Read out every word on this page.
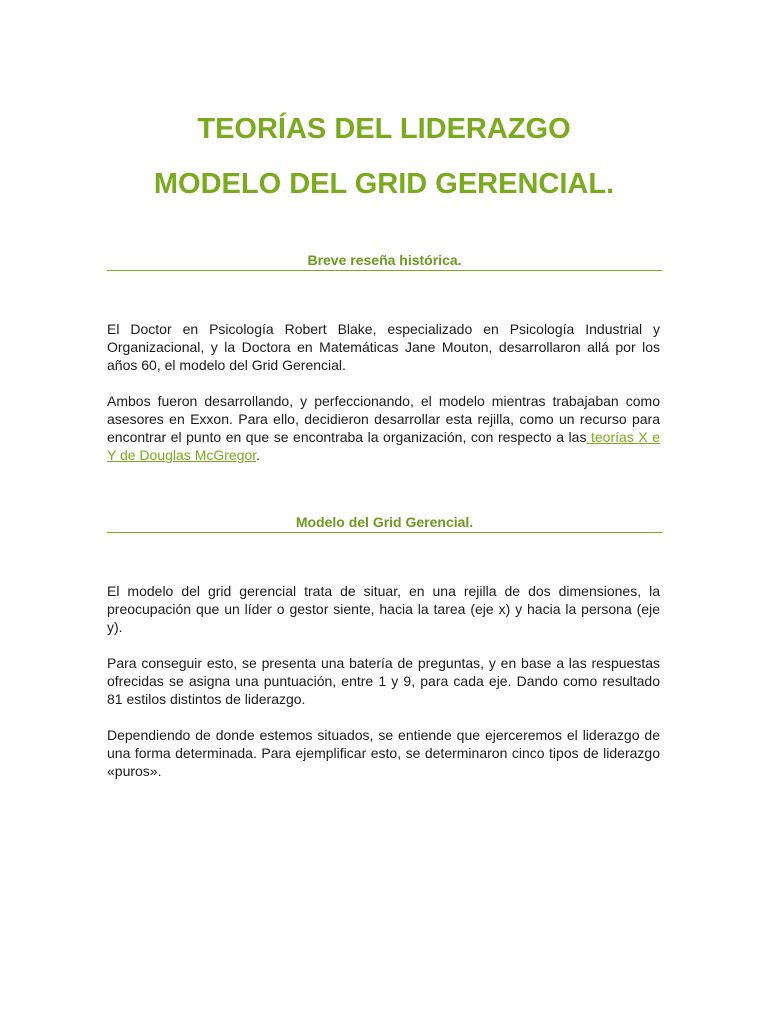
TEORÍAS DEL LIDERAZGO
MODELO DEL GRID GERENCIAL.
Breve reseña histórica.

El Doctor en Psicología Robert Blake, especializado en Psicología Industrial y Organizacional, y la Doctora en Matemáticas Jane Mouton, desarrollaron allá por los años 60, el modelo del Grid Gerencial.

Ambos fueron desarrollando, y perfeccionando, el modelo mientras trabajaban como asesores en Exxon. Para ello, decidieron desarrollar esta rejilla, como un recurso para encontrar el punto en que se encontraba la organización, con respecto a las teorías X e Y de Douglas McGregor.

Modelo del Grid Gerencial.

El modelo del grid gerencial trata de situar, en una rejilla de dos dimensiones, la preocupación que un líder o gestor siente, hacia la tarea (eje x) y hacia la persona (eje y).

Para conseguir esto, se presenta una batería de preguntas, y en base a las respuestas ofrecidas se asigna una puntuación, entre 1 y 9, para cada eje. Dando como resultado 81 estilos distintos de liderazgo.

Dependiendo de donde estemos situados, se entiende que ejerceremos el liderazgo de una forma determinada. Para ejemplificar esto, se determinaron cinco tipos de liderazgo «puros».
